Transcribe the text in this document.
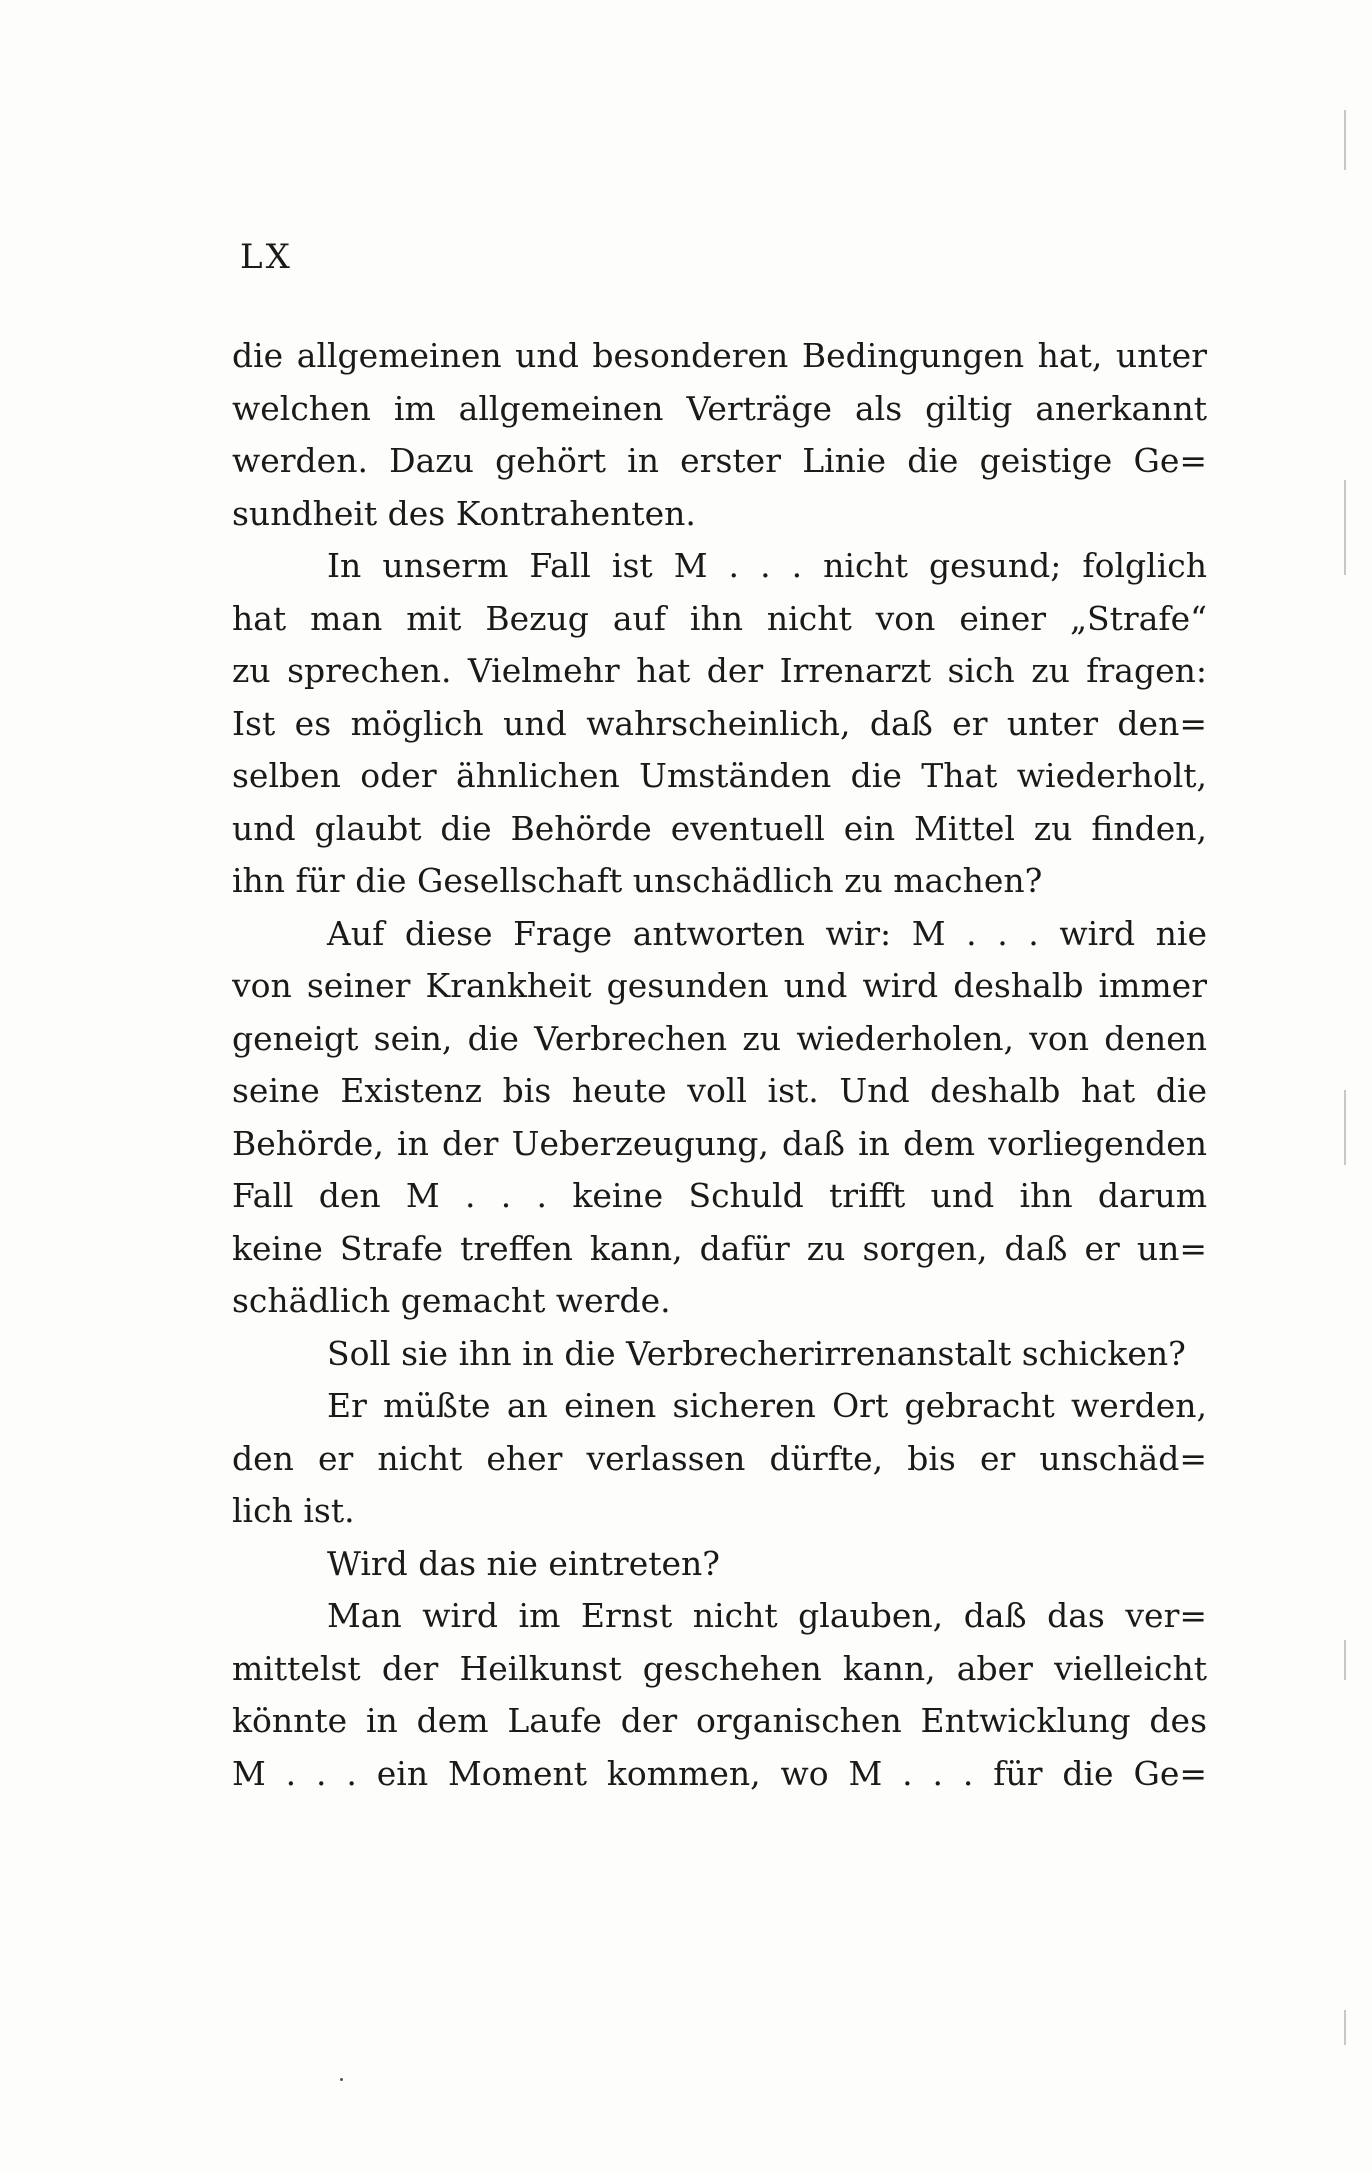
LX
die allgemeinen und besonderen Bedingungen hat, unter
welchen im allgemeinen Verträge als giltig anerkannt
werden. Dazu gehört in erster Linie die geistige Ge=
sundheit des Kontrahenten.
In unserm Fall ist M . . . nicht gesund; folglich
hat man mit Bezug auf ihn nicht von einer „Strafe“
zu sprechen. Vielmehr hat der Irrenarzt sich zu fragen:
Ist es möglich und wahrscheinlich, daß er unter den=
selben oder ähnlichen Umständen die That wiederholt,
und glaubt die Behörde eventuell ein Mittel zu finden,
ihn für die Gesellschaft unschädlich zu machen?
Auf diese Frage antworten wir: M . . . wird nie
von seiner Krankheit gesunden und wird deshalb immer
geneigt sein, die Verbrechen zu wiederholen, von denen
seine Existenz bis heute voll ist. Und deshalb hat die
Behörde, in der Ueberzeugung, daß in dem vorliegenden
Fall den M . . . keine Schuld trifft und ihn darum
keine Strafe treffen kann, dafür zu sorgen, daß er un=
schädlich gemacht werde.
Soll sie ihn in die Verbrecherirrenanstalt schicken?
Er müßte an einen sicheren Ort gebracht werden,
den er nicht eher verlassen dürfte, bis er unschäd=
lich ist.
Wird das nie eintreten?
Man wird im Ernst nicht glauben, daß das ver=
mittelst der Heilkunst geschehen kann, aber vielleicht
könnte in dem Laufe der organischen Entwicklung des
M . . . ein Moment kommen, wo M . . . für die Ge=
